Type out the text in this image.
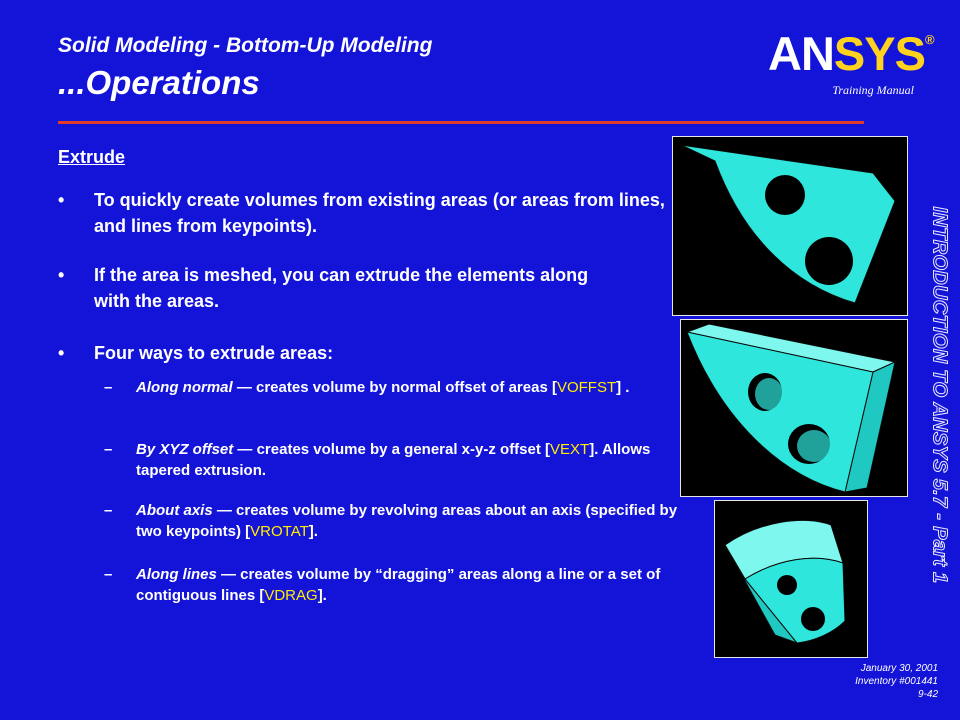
Solid Modeling - Bottom-Up Modeling
...Operations
ANSYS®
Training Manual
INTRODUCTION TO ANSYS 5.7 - Part 1
Extrude
• To quickly create volumes from existing areas (or areas from lines, and lines from keypoints).
• If the area is meshed, you can extrude the elements along with the areas.
• Four ways to extrude areas:
– Along normal — creates volume by normal offset of areas [VOFFST] .
– By XYZ offset — creates volume by a general x-y-z offset [VEXT]. Allows tapered extrusion.
– About axis — creates volume by revolving areas about an axis (specified by two keypoints) [VROTAT].
– Along lines — creates volume by “dragging” areas along a line or a set of contiguous lines [VDRAG].
January 30, 2001
Inventory #001441
9-42
